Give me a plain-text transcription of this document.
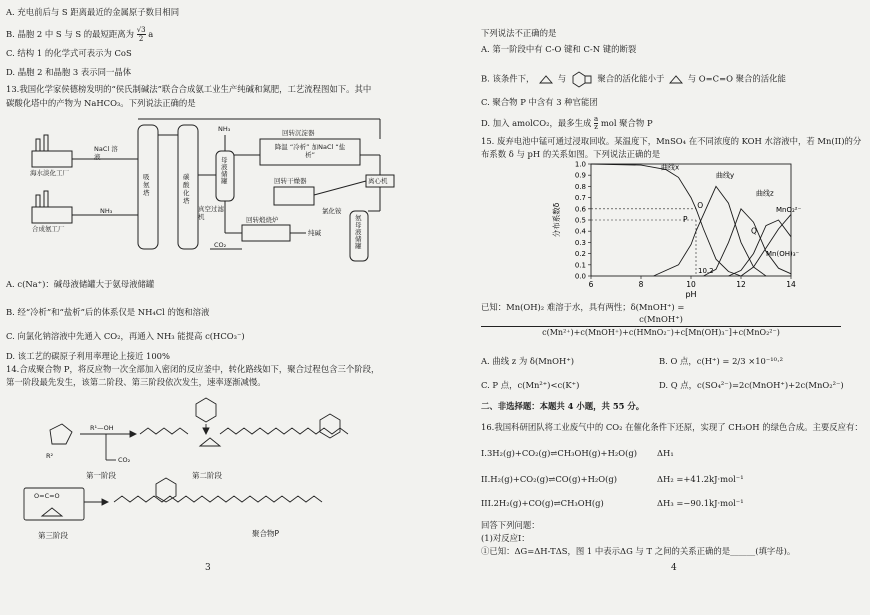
A. 充电前后与 S 距离最近的金属原子数目相同
B. 晶胞 2 中 S 与 S 的最短距离为 $\frac{√3}{2}$ a
C. 结构 1 的化学式可表示为 CoS
D. 晶胞 2 和晶胞 3 表示同一晶体
13.我国化学家侯德榜发明的“侯氏制碱法”联合合成氨工业生产纯碱和氮肥，工艺流程图如下。其中
碳酸化塔中的产物为 NaHCO₃。下列说法正确的是
海水淡化工厂
合成氨工厂
NaCl 溶液
NH₃
吸氨塔
碳酸化塔
NH₃
母液储罐
真空过滤机
回转沉淀器
降温 “冷析” 加NaCl “盐析”
离心机
回转干燥器
氯化铵
回转煅烧炉
CO₂
纯碱
氨母液储罐
A. c(Na⁺)：碱母液储罐大于氨母液储罐
B. 经“冷析”和“盐析”后的体系仅是 NH₄Cl 的饱和溶液
C. 向氯化钠溶液中先通入 CO₂，再通入 NH₃ 能提高 c(HCO₃⁻)
D. 该工艺的碳原子利用率理论上接近 100%
14.合成聚合物 P，将反应物一次全部加入密闭的反应釜中，转化路线如下，聚合过程包含三个阶段，
第一阶段最先发生，该第二阶段、第三阶段依次发生，速率逐渐减慢。
R²
R¹—OH
CO₂
第一阶段	第二阶段
O=C=O
第三阶段	聚合物P
3
下列说法不正确的是
A. 第一阶段中有 C-O 键和 C-N 键的断裂
B. 该条件下，	与	聚合的活化能小于	与 O=C=O 聚合的活化能
C. 聚合物 P 中含有 3 种官能团
D. 加入 amolCO₂，最多生成 $\frac{a}{z}$ mol 聚合物 P
15. 废弃电池中锰可通过浸取回收。某温度下，MnSO₄ 在不同浓度的 KOH 水溶液中，若 Mn(II)的分
布系数 δ 与 pH 的关系如图。下列说法正确的是
0.0
0.1
0.2
0.3
0.4
0.5
0.6
0.7
0.8
0.9
1.0
6	8	10	12	14
10.2
pH
分布系数δ
曲线x
曲线y
曲线z
MnO₂²⁻
Mn(OH)₃⁻
O
P
Q
已知：Mn(OH)₂ 难溶于水，具有两性；δ(MnOH⁺) =
c(MnOH⁺)
c(Mn²⁺)+c(MnOH⁺)+c(HMnO₂⁻)+c[Mn(OH)₃⁻]+c(MnO₂²⁻)
A. 曲线 z 为 δ(MnOH⁺)	B. O 点，c(H⁺) = 2/3 ×10⁻¹⁰·²
C. P 点，c(Mn²⁺)<c(K⁺)	D. Q 点，c(SO₄²⁻)=2c(MnOH⁺)+2c(MnO₂²⁻)
二、非选择题：本题共 4 小题，共 55 分。
16.我国科研团队将工业废气中的 CO₂ 在催化条件下还原，实现了 CH₃OH 的绿色合成。主要反应有：
I.3H₂(g)+CO₂(g)⇌CH₃OH(g)+H₂O(g) ΔH₁
II.H₂(g)+CO₂(g)⇌CO(g)+H₂O(g)	ΔH₂ =+41.2kJ·mol⁻¹
III.2H₂(g)+CO(g)⇌CH₃OH(g)	ΔH₃ =−90.1kJ·mol⁻¹
回答下列问题：
(1)对反应I：
①已知：ΔG=ΔH-TΔS，图 1 中表示ΔG 与 T 之间的关系正确的是______(填字母)。
4
